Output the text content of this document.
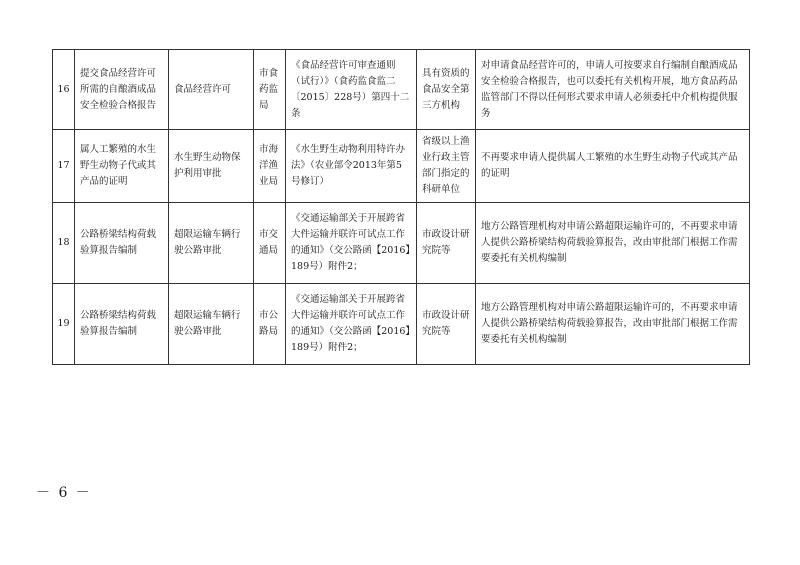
16	提交食品经营许可所需的自酿酒成品安全检验合格报告	食品经营许可	市食药监局	《食品经营许可审查通则（试行）》（食药监食监二〔2015〕228号）第四十二条	具有资质的食品安全第三方机构	对申请食品经营许可的，申请人可按要求自行编制自酿酒成品安全检验合格报告，也可以委托有关机构开展，地方食品药品监管部门不得以任何形式要求申请人必须委托中介机构提供服务
17	属人工繁殖的水生野生动物子代或其产品的证明	水生野生动物保护利用审批	市海洋渔业局	《水生野生动物利用特许办法》（农业部令2013年第5号修订）	省级以上渔业行政主管部门指定的科研单位	不再要求申请人提供属人工繁殖的水生野生动物子代或其产品的证明
18	公路桥梁结构荷载验算报告编制	超限运输车辆行驶公路审批	市交通局	《交通运输部关于开展跨省大件运输并联许可试点工作的通知》（交公路函【2016】189号）附件2；	市政设计研究院等	地方公路管理机构对申请公路超限运输许可的，不再要求申请人提供公路桥梁结构荷载验算报告，改由审批部门根据工作需要委托有关机构编制
19	公路桥梁结构荷载验算报告编制	超限运输车辆行驶公路审批	市公路局	《交通运输部关于开展跨省大件运输并联许可试点工作的通知》（交公路函【2016】189号）附件2；	市政设计研究院等	地方公路管理机构对申请公路超限运输许可的，不再要求申请人提供公路桥梁结构荷载验算报告，改由审批部门根据工作需要委托有关机构编制
－ 6 －
